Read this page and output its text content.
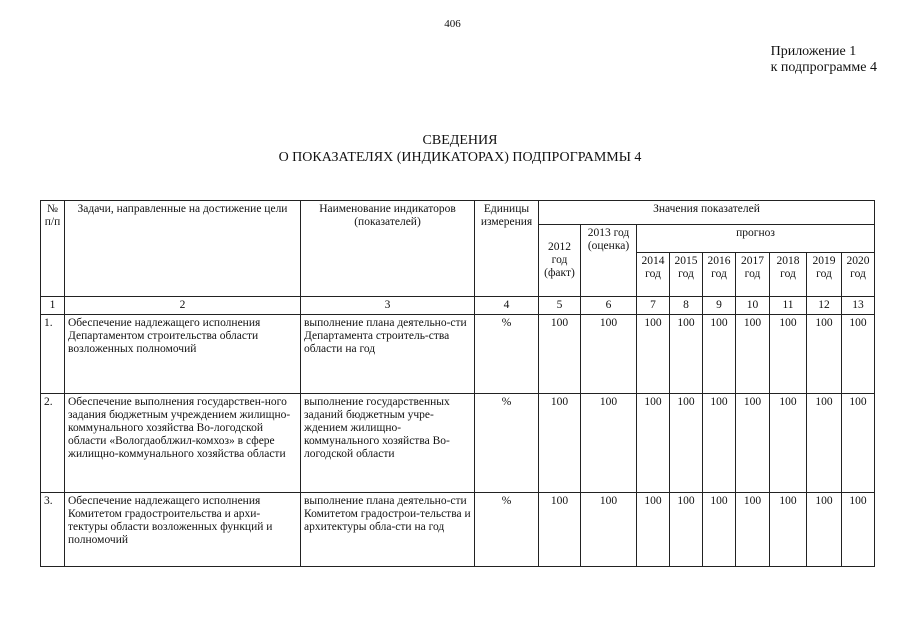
406
Приложение 1
к подпрограмме 4
СВЕДЕНИЯ
О ПОКАЗАТЕЛЯХ (ИНДИКАТОРАХ) ПОДПРОГРАММЫ 4
№ п/п	Задачи, направленные на достижение цели	Наименование индикаторов (показателей)	Единицы измерения	Значения показателей								
				2012 год (факт)	2013 год (оценка)	прогноз						
						2014 год	2015 год	2016 год	2017 год	2018 год	2019 год	2020 год
1	2	3	4	5	6	7	8	9	10	11	12	13
1.	Обеспечение надлежащего исполнения Департаментом строительства области возложенных полномочий	выполнение плана деятельно-сти Департамента строитель-ства области на год	%	100	100	100	100	100	100	100	100	100
2.	Обеспечение выполнения государствен-ного задания бюджетным учреждением жилищно-коммунального хозяйства Во-логодской области «Вологдаоблжил-комхоз» в сфере жилищно-коммунального хозяйства области	выполнение государственных заданий бюджетным учре-ждением жилищно-коммунального хозяйства Во-логодской области	%	100	100	100	100	100	100	100	100	100
3.	Обеспечение надлежащего исполнения Комитетом градостроительства и архи-тектуры области возложенных функций и полномочий	выполнение плана деятельно-сти Комитетом градострои-тельства и архитектуры обла-сти на год	%	100	100	100	100	100	100	100	100	100
